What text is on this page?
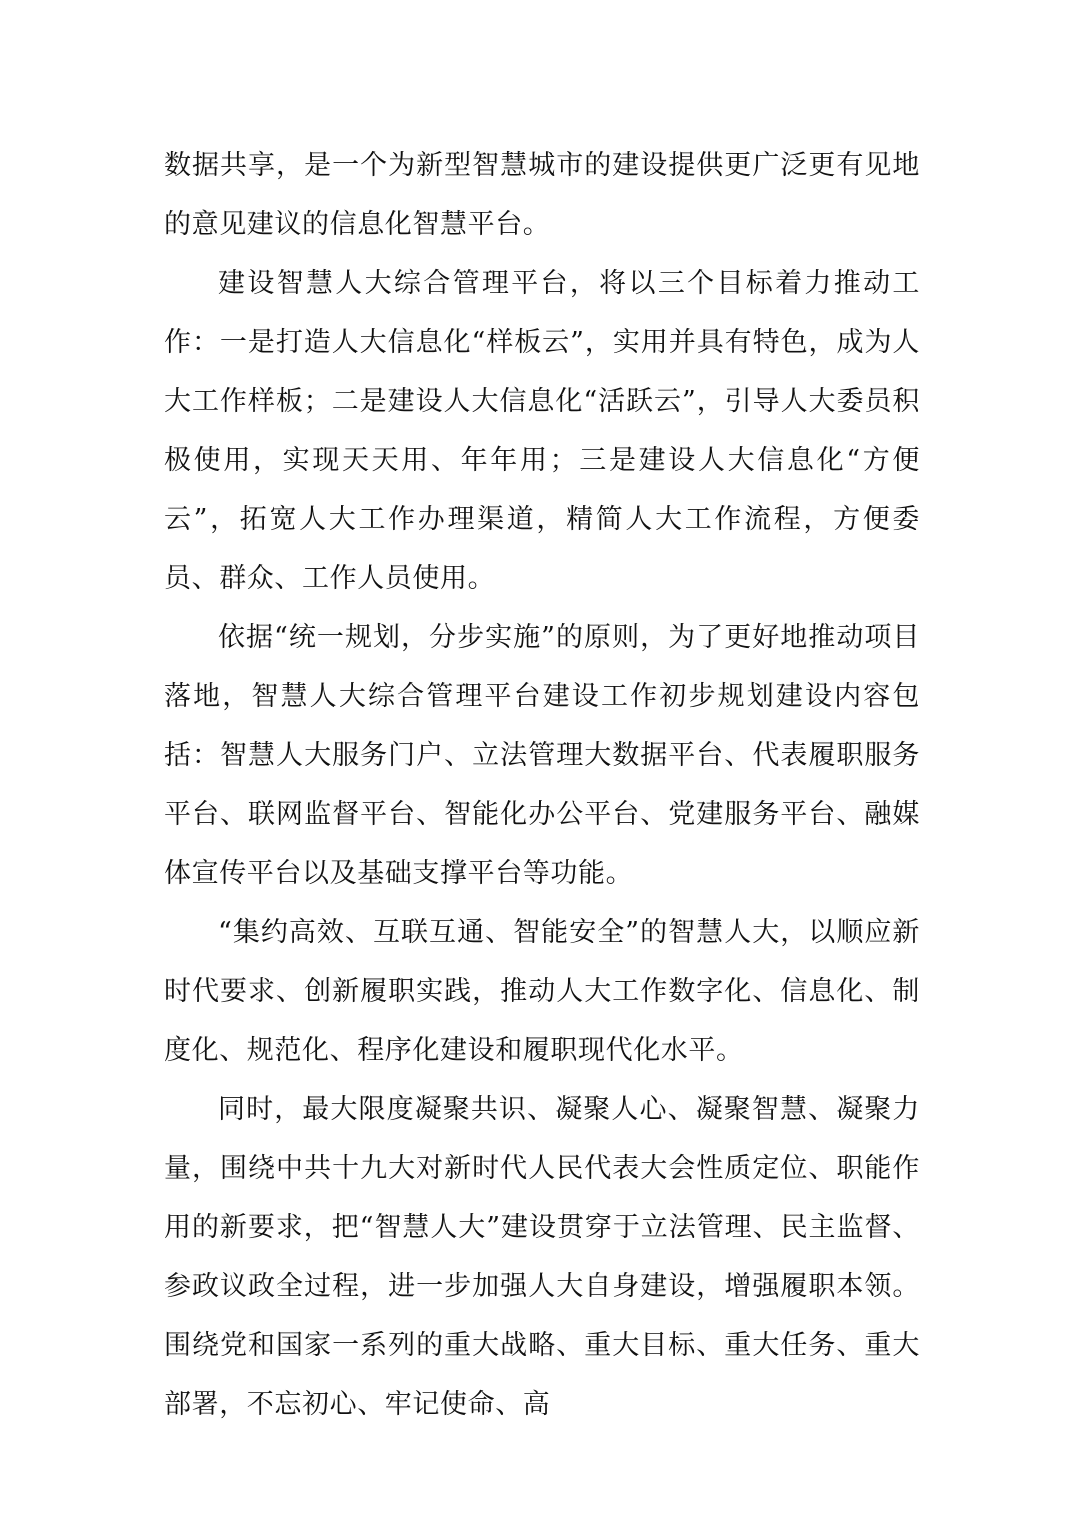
数据共享，是一个为新型智慧城市的建设提供更广泛更有见地的意见建议的信息化智慧平台。

建设智慧人大综合管理平台，将以三个目标着力推动工作：一是打造人大信息化“样板云”，实用并具有特色，成为人大工作样板；二是建设人大信息化“活跃云”，引导人大委员积极使用，实现天天用、年年用；三是建设人大信息化“方便云”，拓宽人大工作办理渠道，精简人大工作流程，方便委员、群众、工作人员使用。

依据“统一规划，分步实施”的原则，为了更好地推动项目落地，智慧人大综合管理平台建设工作初步规划建设内容包括：智慧人大服务门户、立法管理大数据平台、代表履职服务平台、联网监督平台、智能化办公平台、党建服务平台、融媒体宣传平台以及基础支撑平台等功能。

“集约高效、互联互通、智能安全”的智慧人大，以顺应新时代要求、创新履职实践，推动人大工作数字化、信息化、制度化、规范化、程序化建设和履职现代化水平。

同时，最大限度凝聚共识、凝聚人心、凝聚智慧、凝聚力量，围绕中共十九大对新时代人民代表大会性质定位、职能作用的新要求，把“智慧人大”建设贯穿于立法管理、民主监督、参政议政全过程，进一步加强人大自身建设，增强履职本领。围绕党和国家一系列的重大战略、重大目标、重大任务、重大部署，不忘初心、牢记使命、高
